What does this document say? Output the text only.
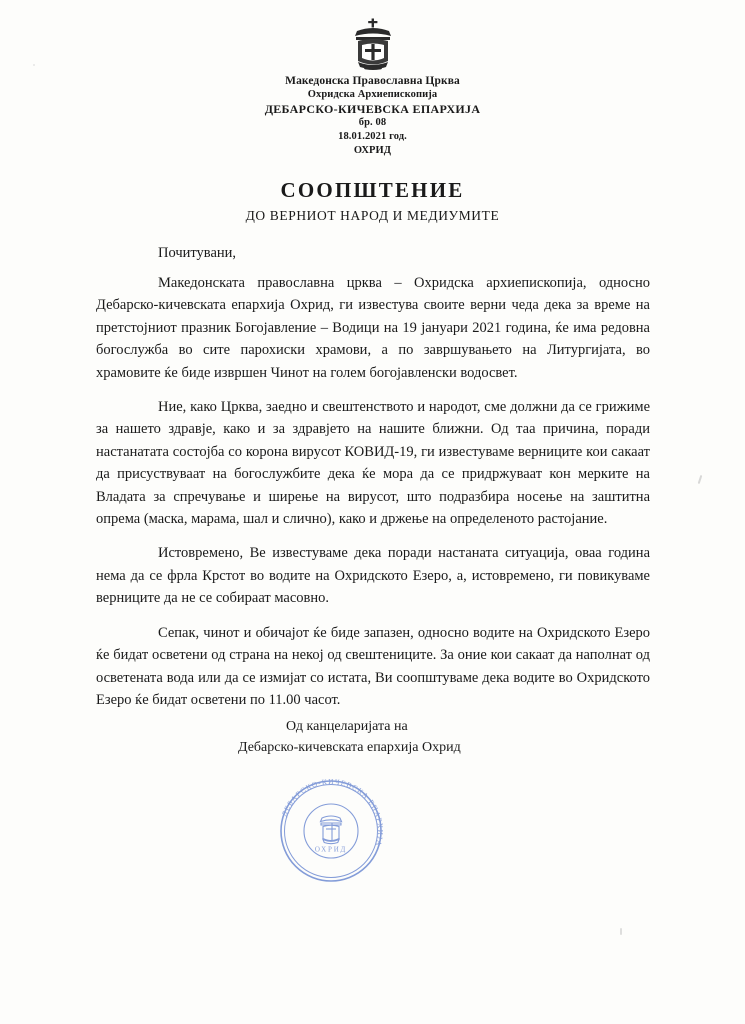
Македонска Православна Црква
Охридска Архиепископија
ДЕБАРСКО-КИЧЕВСКА ЕПАРХИЈА
бр. 08
18.01.2021 год.
ОХРИД
СООПШТЕНИЕ
ДО ВЕРНИОТ НАРОД И МЕДИУМИТЕ

Почитувани,

Македонската православна црква – Охридска архиепископија, односно Дебарско-кичевската епархија Охрид, ги известува своите верни чеда дека за време на претстојниот празник Богојавление – Водици на 19 јануари 2021 година, ќе има редовна богослужба во сите парохиски храмови, а по завршувањето на Литургијата, во храмовите ќе биде извршен Чинот на голем богојавленски водосвет.

Ние, како Црква, заедно и свештенството и народот, сме должни да се грижиме за нашето здравје, како и за здравјето на нашите ближни. Од таа причина, поради настанатата состојба со корона вирусот КОВИД-19, ги известуваме верниците кои сакаат да присуствуваат на богослужбите дека ќе мора да се придржуваат кон мерките на Владата за спречување и ширење на вирусот, што подразбира носење на заштитна опрема (маска, марама, шал и слично), како и држење на определеното растојание.

Истовремено, Ве известуваме дека поради настаната ситуација, оваа година нема да се фрла Крстот во водите на Охридското Езеро, а, истовремено, ги повикуваме верниците да не се собираат масовно.

Сепак, чинот и обичајот ќе биде запазен, односно водите на Охридското Езеро ќе бидат осветени од страна на некој од свештениците. За оние кои сакаат да наполнат од осветената вода или да се измијат со истата, Ви соопштуваме дека водите во Охридското Езеро ќе бидат осветени по 11.00 часот.

Од канцеларијата на
Дебарско-кичевската епархија Охрид
ДЕБАРСКО-КИЧЕВСКА ЕПАРХИЈА
ОХРИД
